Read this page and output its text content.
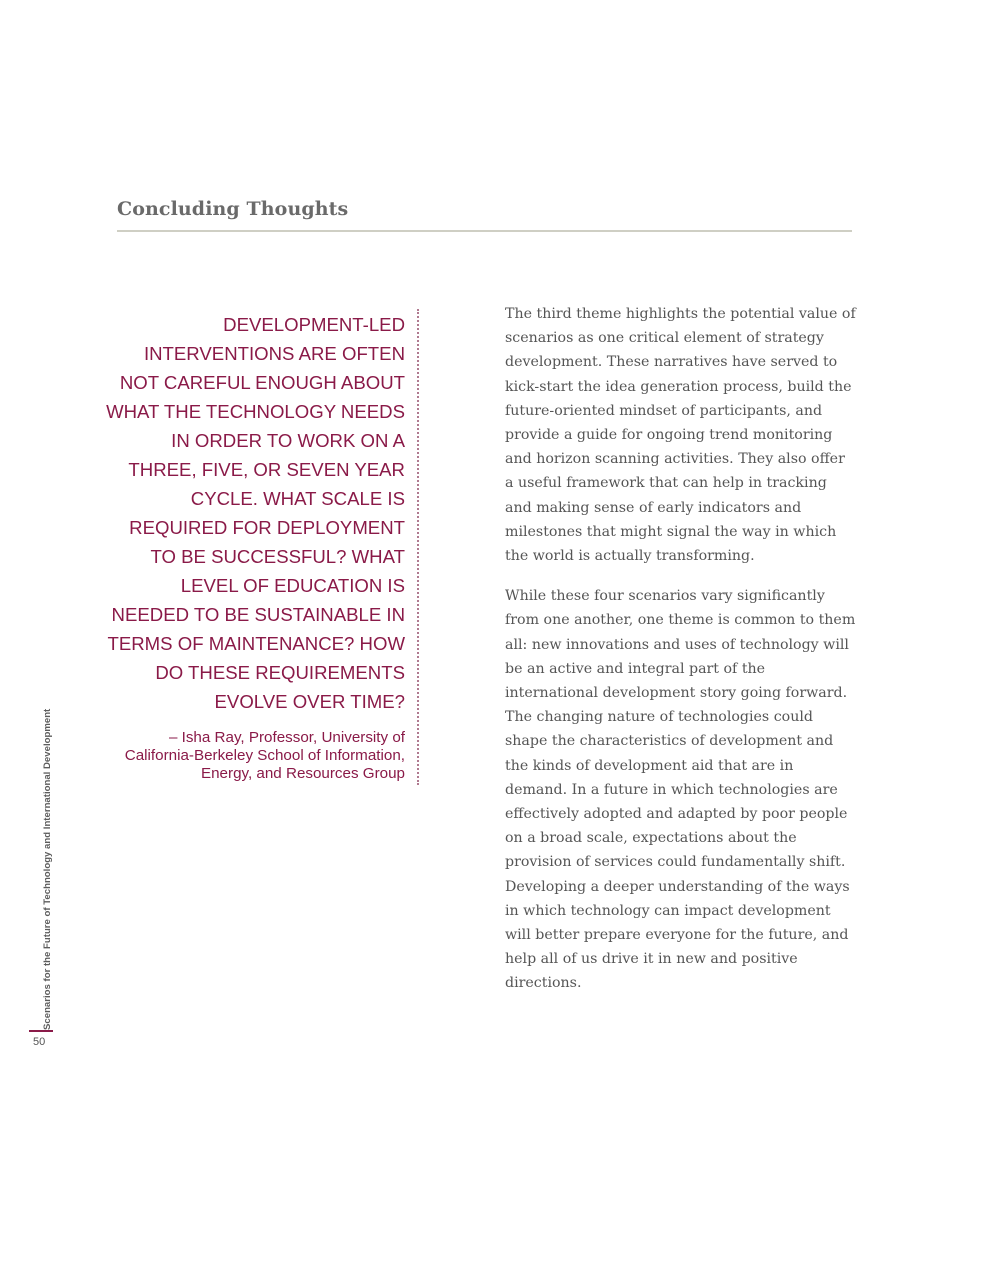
Concluding Thoughts

DEVELOPMENT-LED INTERVENTIONS ARE OFTEN NOT CAREFUL ENOUGH ABOUT WHAT THE TECHNOLOGY NEEDS IN ORDER TO WORK ON A THREE, FIVE, OR SEVEN YEAR CYCLE. WHAT SCALE IS REQUIRED FOR DEPLOYMENT TO BE SUCCESSFUL? WHAT LEVEL OF EDUCATION IS NEEDED TO BE SUSTAINABLE IN TERMS OF MAINTENANCE? HOW DO THESE REQUIREMENTS EVOLVE OVER TIME?

– Isha Ray, Professor, University of California-Berkeley School of Information, Energy, and Resources Group

The third theme highlights the potential value of scenarios as one critical element of strategy development. These narratives have served to kick-start the idea generation process, build the future-oriented mindset of participants, and provide a guide for ongoing trend monitoring and horizon scanning activities. They also offer a useful framework that can help in tracking and making sense of early indicators and milestones that might signal the way in which the world is actually transforming.

While these four scenarios vary significantly from one another, one theme is common to them all: new innovations and uses of technology will be an active and integral part of the international development story going forward. The changing nature of technologies could shape the characteristics of development and the kinds of development aid that are in demand. In a future in which technologies are effectively adopted and adapted by poor people on a broad scale, expectations about the provision of services could fundamentally shift. Developing a deeper understanding of the ways in which technology can impact development will better prepare everyone for the future, and help all of us drive it in new and positive directions.

Scenarios for the Future of Technology and International Development
50
